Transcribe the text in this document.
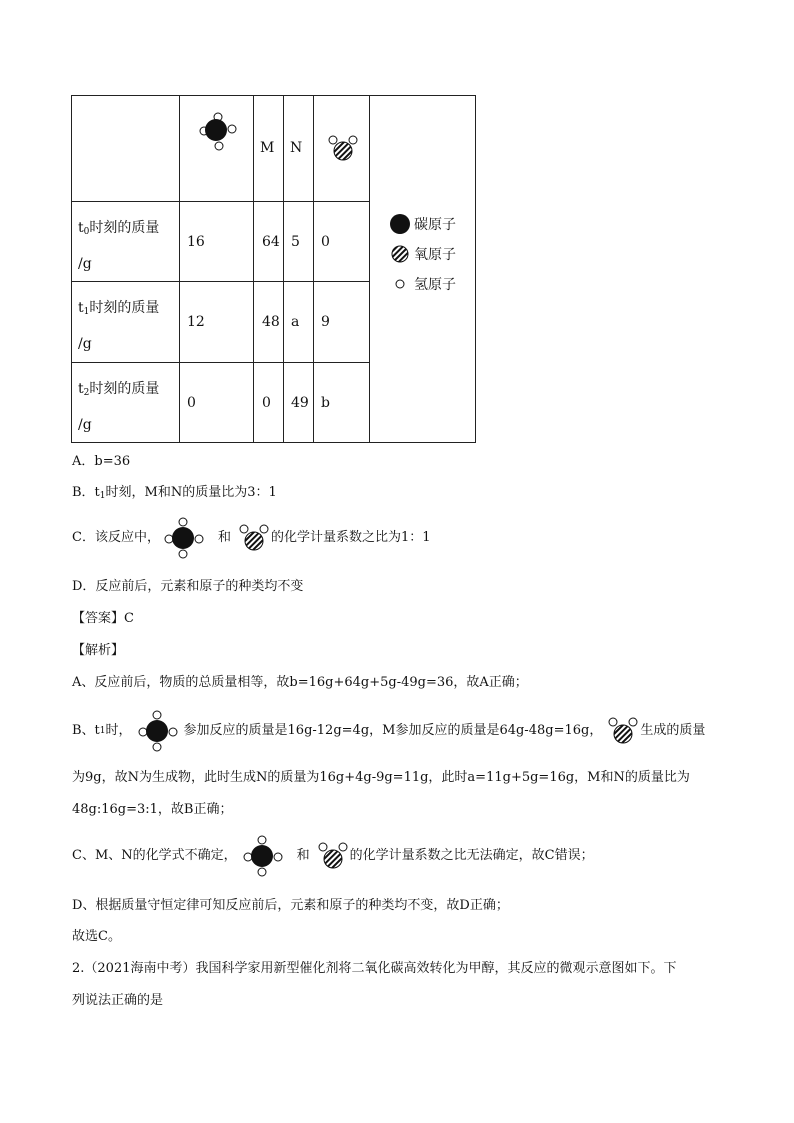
M N
$t_0$时刻的质量
/g
16	64 5 0
$t_1$时刻的质量
/g
12	48 a 9
$t_2$时刻的质量
/g
0	0 49 b
碳原子
氧原子
氢原子
A．b=36
B．$t_1$时刻，M和N的质量比为3：1
C．该反应中，	和	的化学计量系数之比为1：1
D．反应前后，元素和原子的种类均不变
【答案】C
【解析】
A、反应前后，物质的总质量相等，故b=16g+64g+5g-49g=36，故A正确；
B、t 1 时，	参加反应的质量是16g-12g=4g，M参加反应的质量是64g-48g=16g，	生成的质量
为9g，故N为生成物，此时生成N的质量为16g+4g-9g=11g，此时a=11g+5g=16g，M和N的质量比为
48g:16g=3:1，故B正确；
C、M、N的化学式不确定，	和	的化学计量系数之比无法确定，故C错误；
D、根据质量守恒定律可知反应前后，元素和原子的种类均不变，故D正确；
故选C。
2.（2021海南中考）我国科学家用新型催化剂将二氧化碳高效转化为甲醇，其反应的微观示意图如下。下
列说法正确的是
